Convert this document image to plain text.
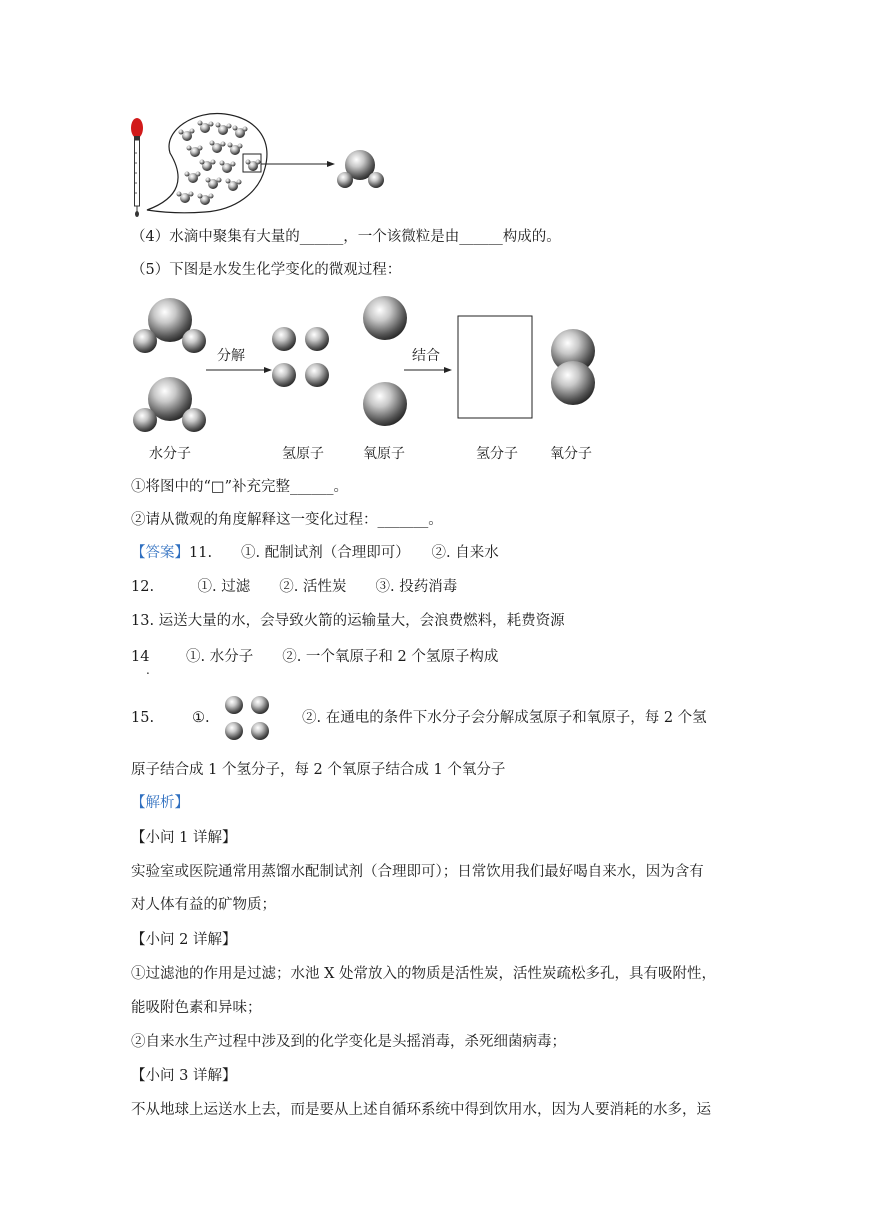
（4）水滴中聚集有大量的______，一个该微粒是由______构成的。
（5）下图是水发生化学变化的微观过程：
分解	结合
水分子	氢原子	氧原子	氢分子 氧分子
①将图中的“□”补充完整______。
②请从微观的角度解释这一变化过程：_______。
【答案】11.　　①. 配制试剂（合理即可）　　②. 自来水
12.　　　①. 过滤　　②. 活性炭　　③. 投药消毒
13. 运送大量的水，会导致火箭的运输量大，会浪费燃料，耗费资源
14	①. 水分子　　②. 一个氧原子和 2 个氢原子构成
.
15.	①.	②. 在通电的条件下水分子会分解成氢原子和氧原子，每 2 个氢
原子结合成 1 个氢分子，每 2 个氧原子结合成 1 个氧分子
【解析】
【小问 1 详解】
实验室或医院通常用蒸馏水配制试剂（合理即可）；日常饮用我们最好喝自来水，因为含有
对人体有益的矿物质；
【小问 2 详解】
①过滤池的作用是过滤；水池 X 处常放入的物质是活性炭，活性炭疏松多孔，具有吸附性，
能吸附色素和异味；
②自来水生产过程中涉及到的化学变化是头摇消毒，杀死细菌病毒；
【小问 3 详解】
不从地球上运送水上去，而是要从上述自循环系统中得到饮用水，因为人要消耗的水多，运
